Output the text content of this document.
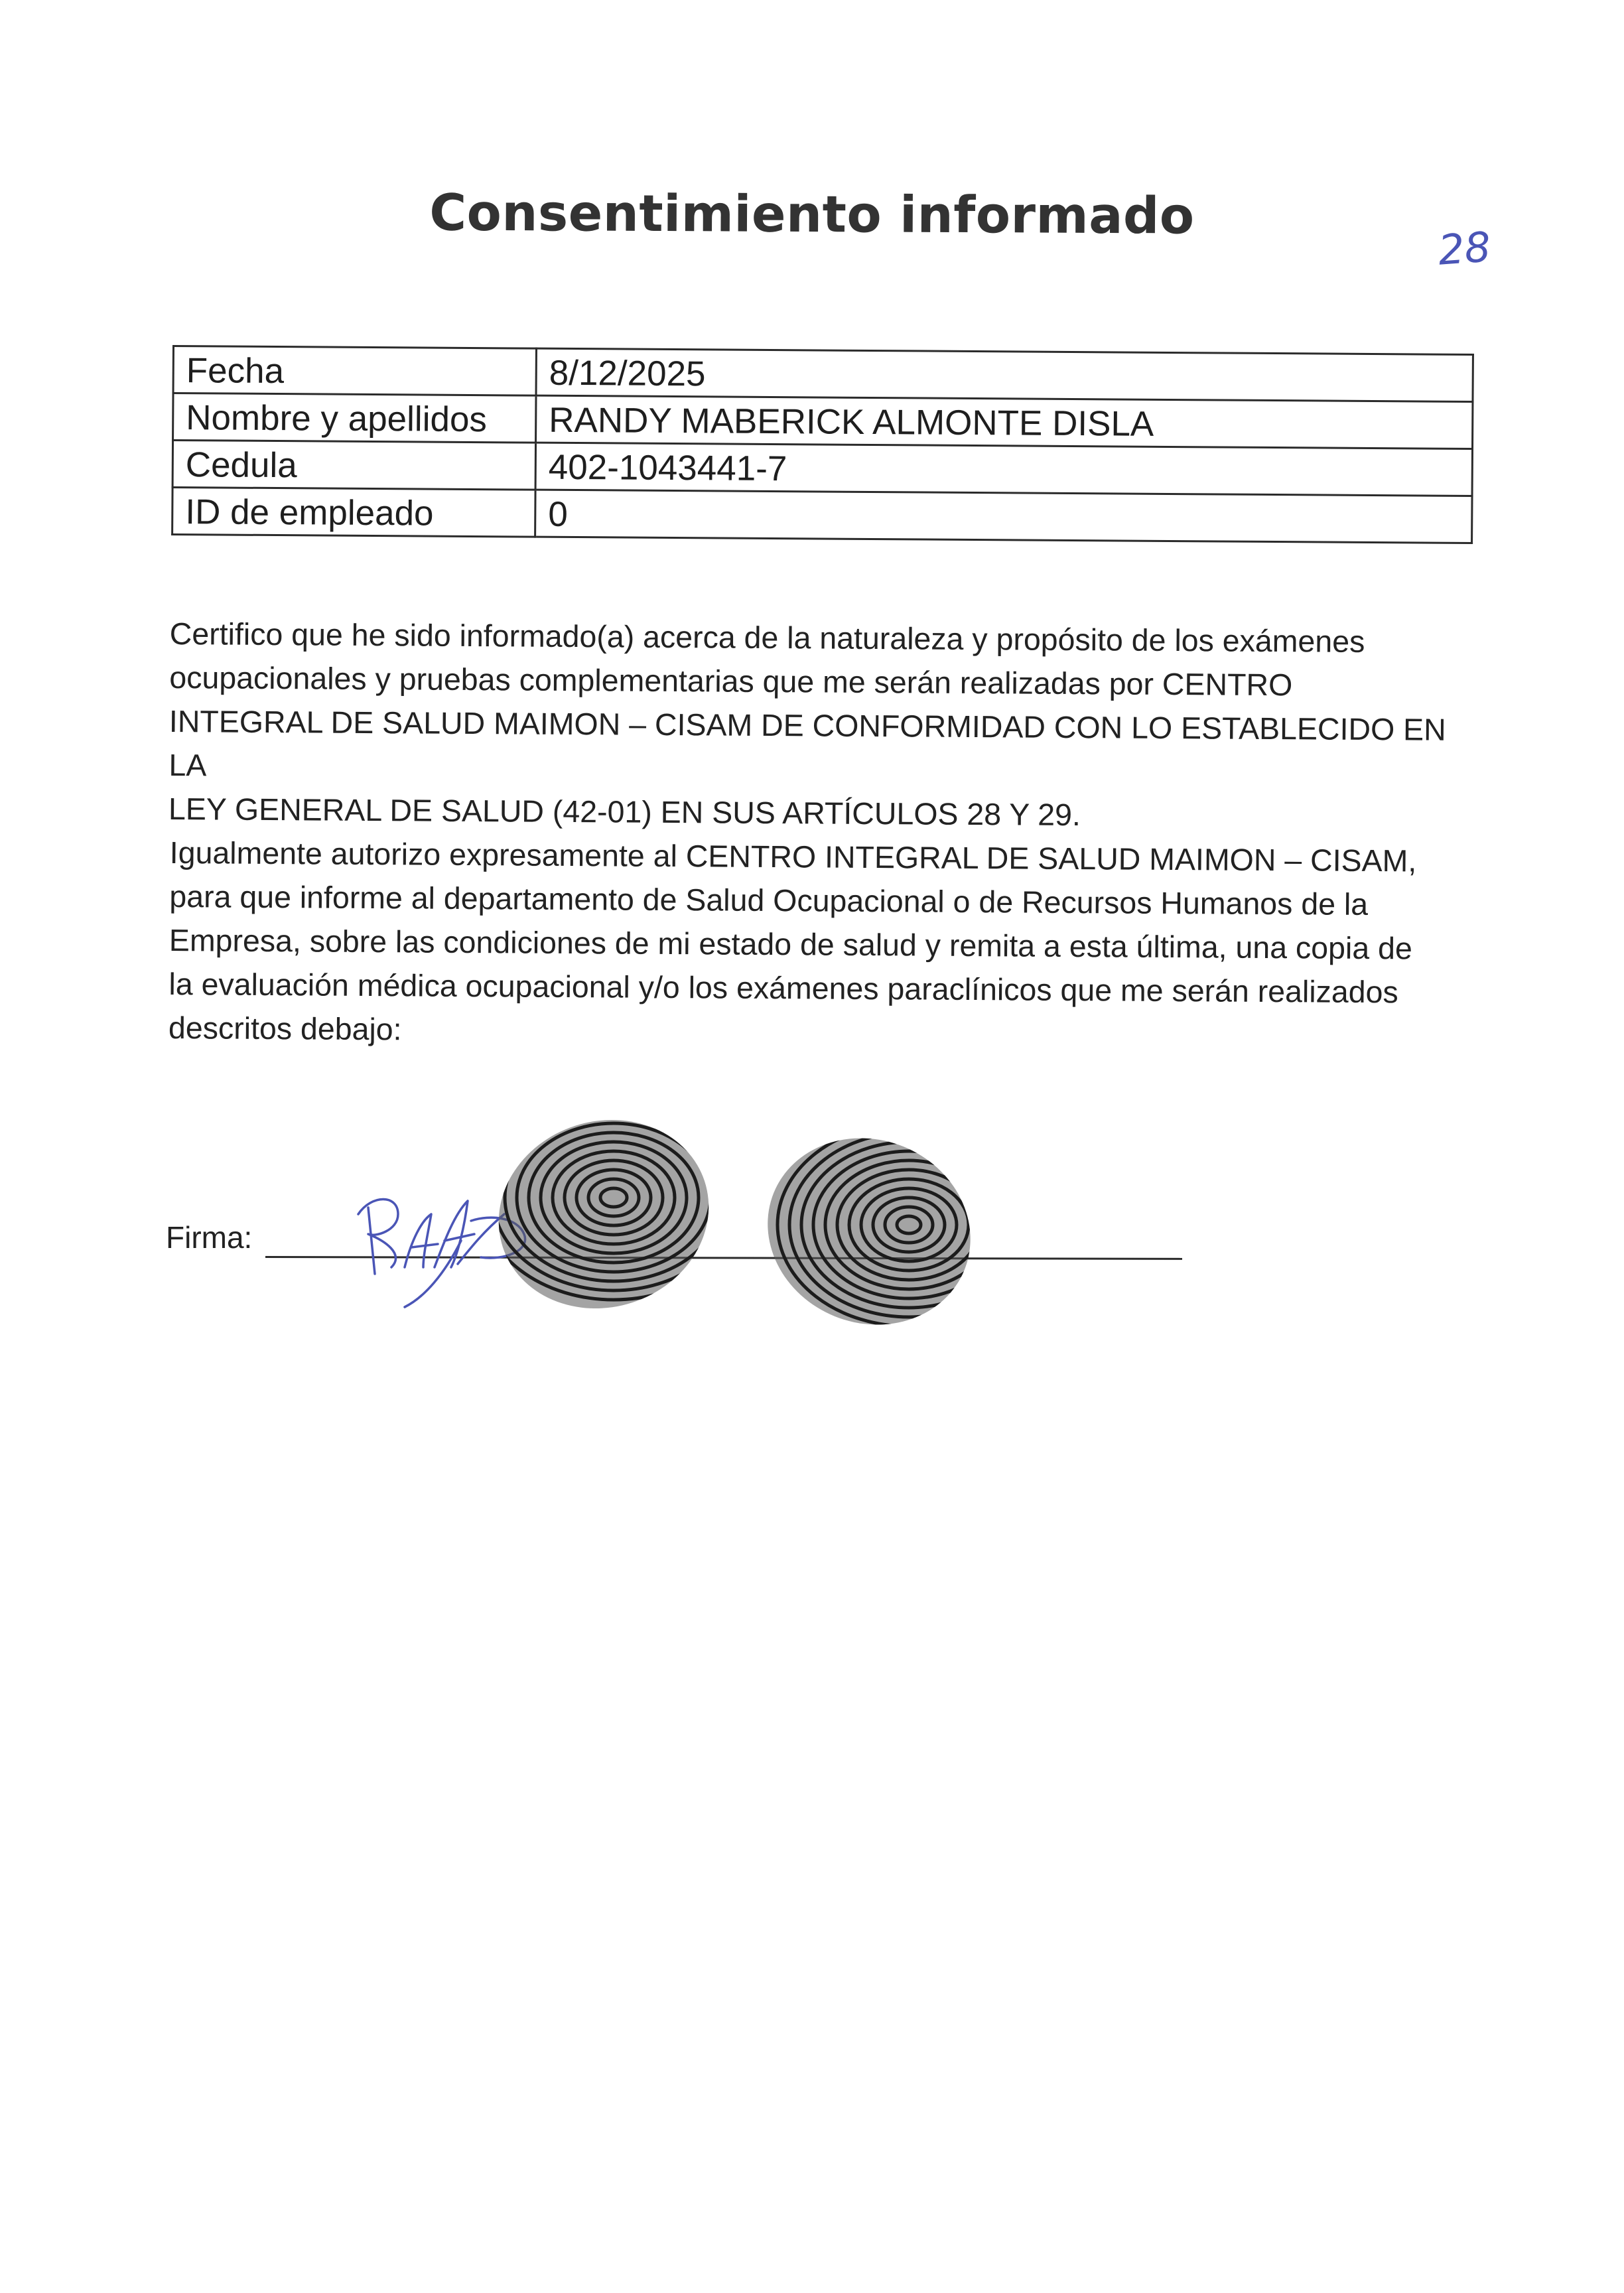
Consentimiento informado
28
Fecha	8/12/2025
Nombre y apellidos	RANDY MABERICK ALMONTE DISLA
Cedula	402-1043441-7
ID de empleado	0

Certifico que he sido informado(a) acerca de la naturaleza y propósito de los exámenes

ocupacionales y pruebas complementarias que me serán realizadas por CENTRO

INTEGRAL DE SALUD MAIMON – CISAM DE CONFORMIDAD CON LO ESTABLECIDO EN LA

LEY GENERAL DE SALUD (42-01) EN SUS ARTÍCULOS 28 Y 29.

Igualmente autorizo expresamente al CENTRO INTEGRAL DE SALUD MAIMON – CISAM,

para que informe al departamento de Salud Ocupacional o de Recursos Humanos de la

Empresa, sobre las condiciones de mi estado de salud y remita a esta última, una copia de

la evaluación médica ocupacional y/o los exámenes paraclínicos que me serán realizados

descritos debajo:

Firma:
